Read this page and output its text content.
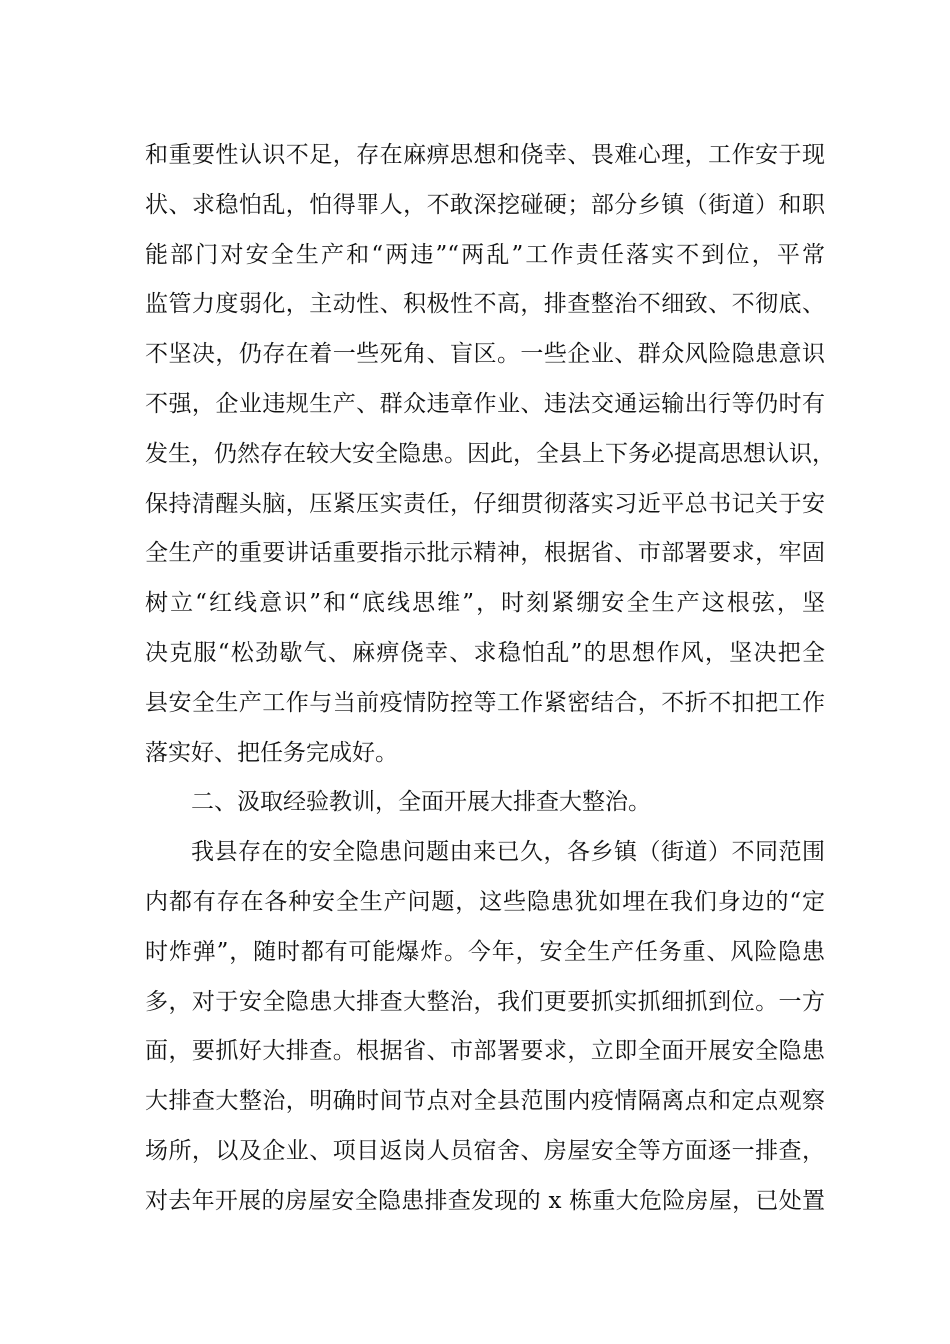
和重要性认识不足，存在麻痹思想和侥幸、畏难心理，工作安于现
状、求稳怕乱，怕得罪人，不敢深挖碰硬；部分乡镇（街道）和职
能部门对安全生产和“两违”“两乱”工作责任落实不到位，平常
监管力度弱化，主动性、积极性不高，排查整治不细致、不彻底、
不坚决，仍存在着一些死角、盲区。一些企业、群众风险隐患意识
不强，企业违规生产、群众违章作业、违法交通运输出行等仍时有
发生，仍然存在较大安全隐患。因此，全县上下务必提高思想认识，
保持清醒头脑，压紧压实责任，仔细贯彻落实习近平总书记关于安
全生产的重要讲话重要指示批示精神，根据省、市部署要求，牢固
树立“红线意识”和“底线思维”，时刻紧绷安全生产这根弦，坚
决克服“松劲歇气、麻痹侥幸、求稳怕乱”的思想作风，坚决把全
县安全生产工作与当前疫情防控等工作紧密结合，不折不扣把工作
落实好、把任务完成好。
二、汲取经验教训，全面开展大排查大整治。
我县存在的安全隐患问题由来已久，各乡镇（街道）不同范围
内都有存在各种安全生产问题，这些隐患犹如埋在我们身边的“定
时炸弹”，随时都有可能爆炸。今年，安全生产任务重、风险隐患
多，对于安全隐患大排查大整治，我们更要抓实抓细抓到位。一方
面，要抓好大排查。根据省、市部署要求，立即全面开展安全隐患
大排查大整治，明确时间节点对全县范围内疫情隔离点和定点观察
场所，以及企业、项目返岗人员宿舍、房屋安全等方面逐一排查，
对去年开展的房屋安全隐患排查发现的 x 栋重大危险房屋，已处置
